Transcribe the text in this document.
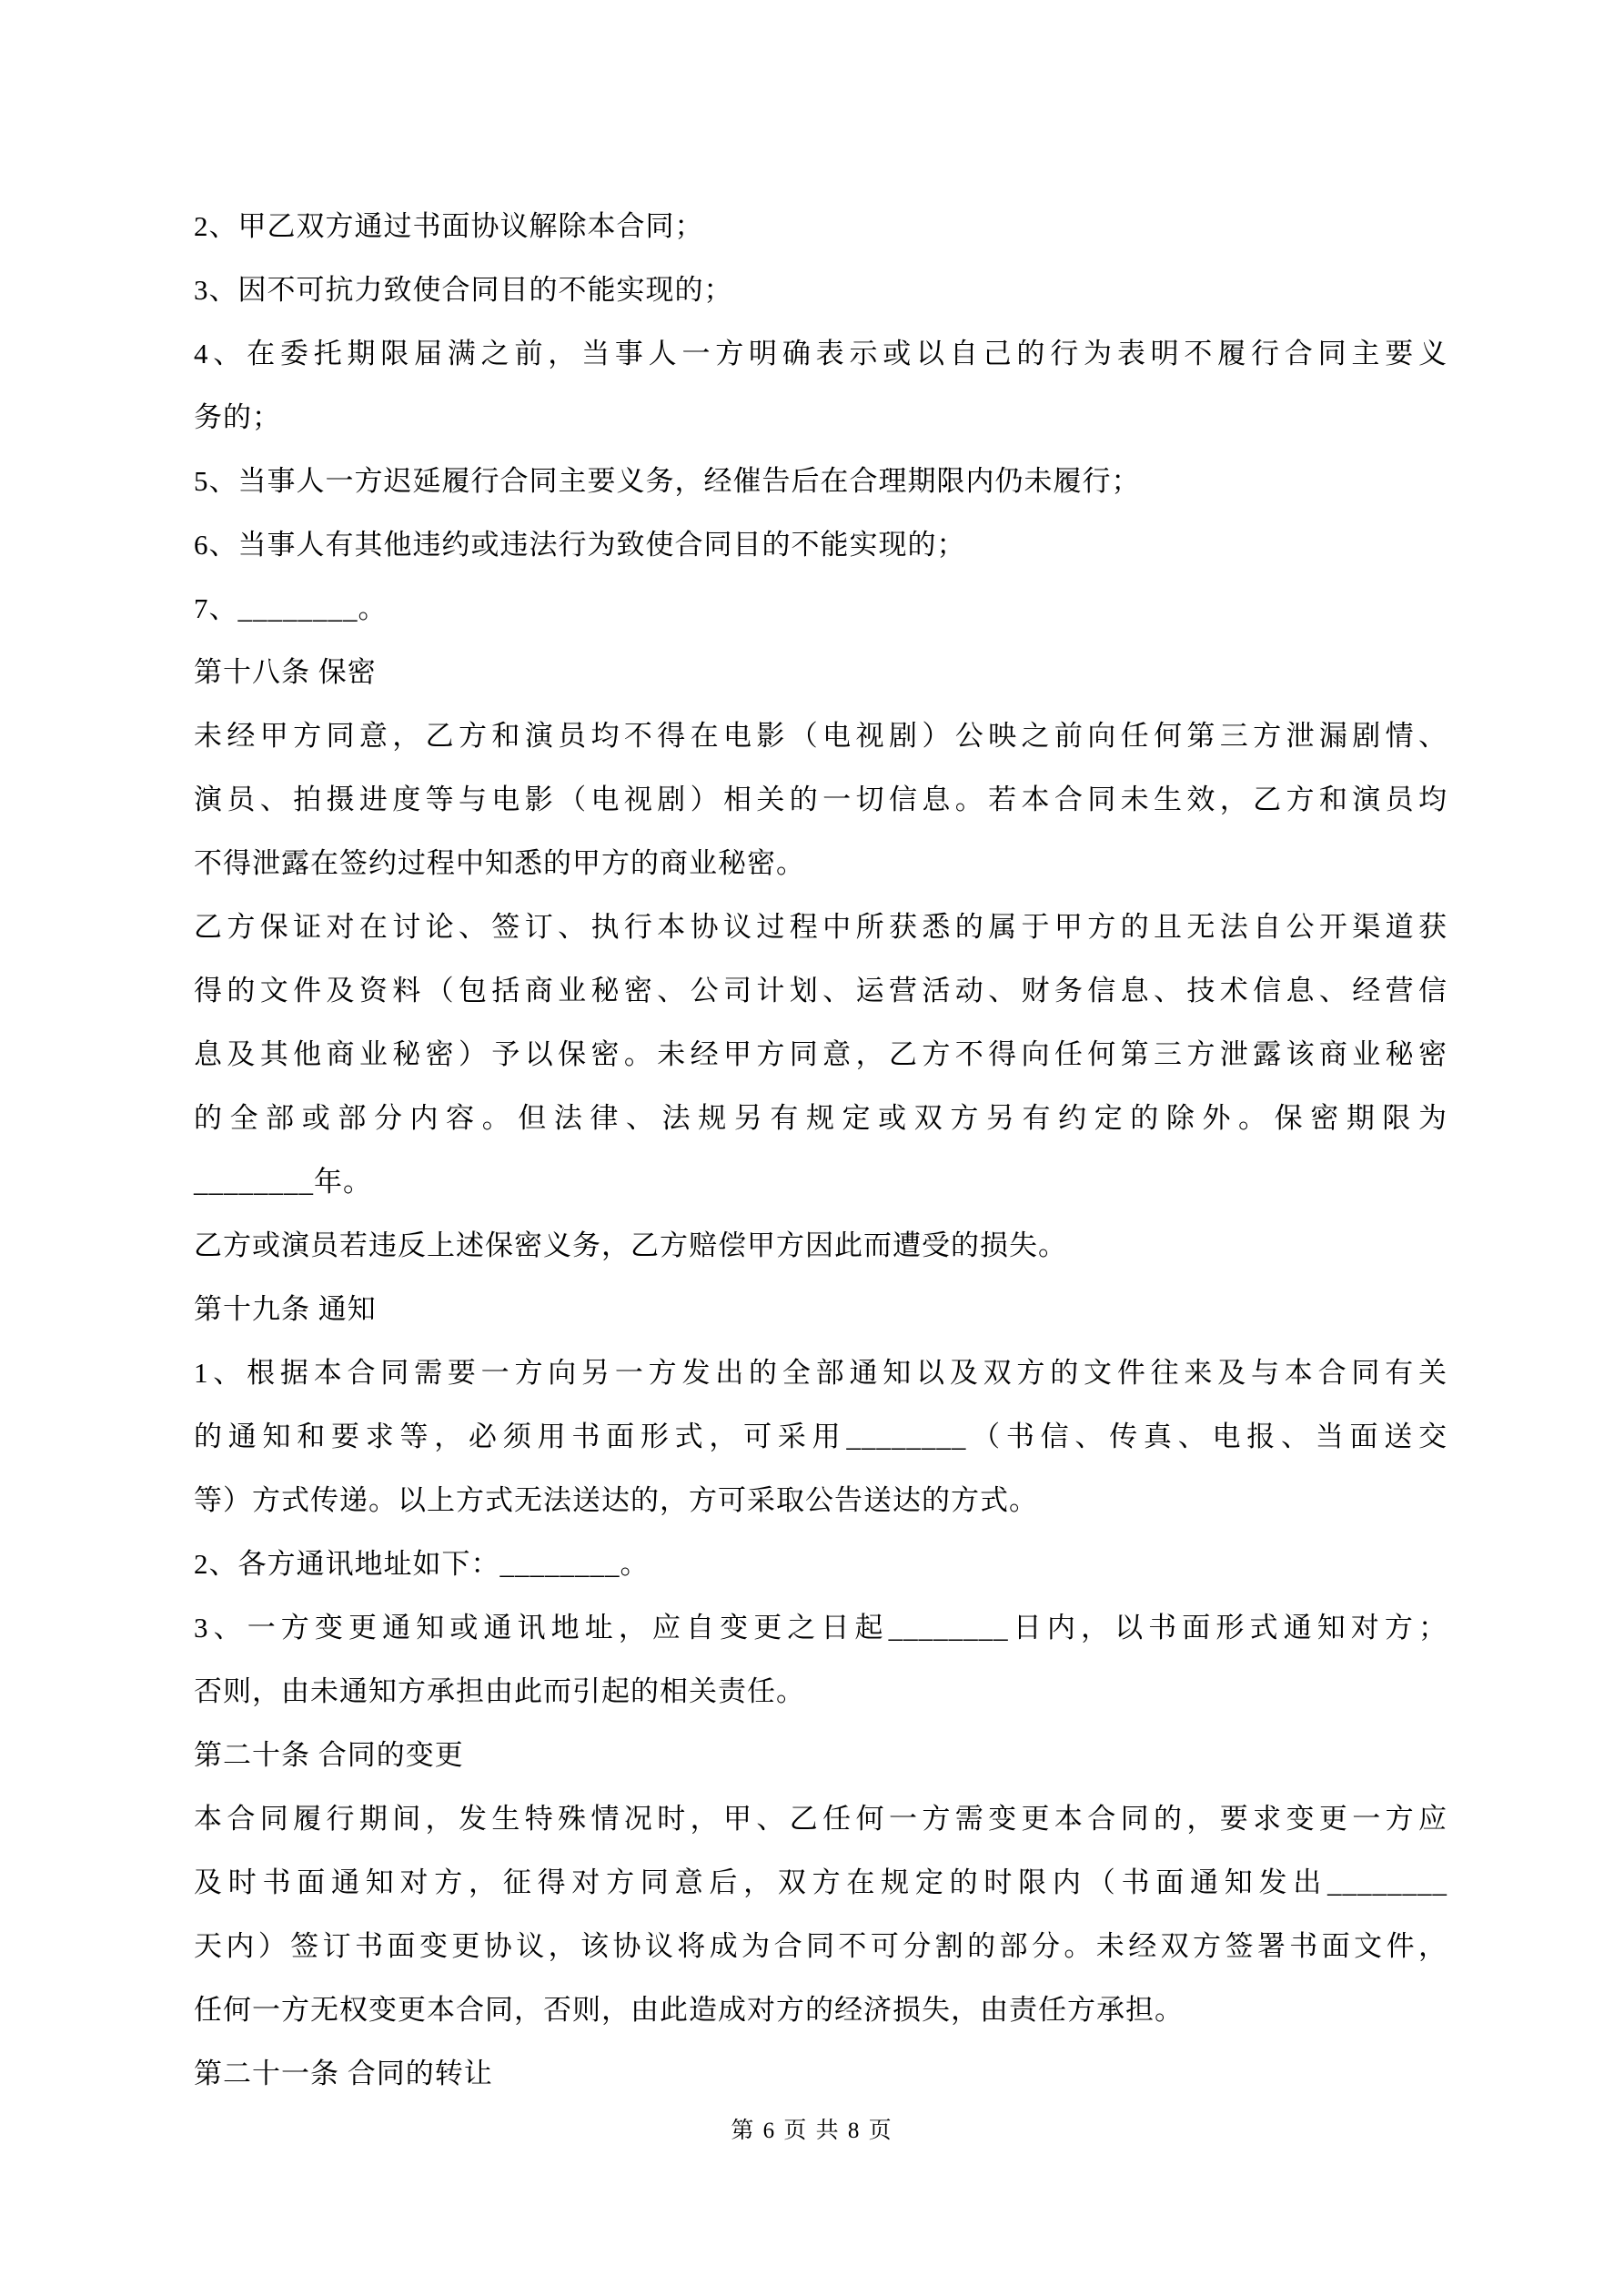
2、甲乙双方通过书面协议解除本合同；
3、因不可抗力致使合同目的不能实现的；
4、在委托期限届满之前，当事人一方明确表示或以自己的行为表明不履行合同主要义
务的；
5、当事人一方迟延履行合同主要义务，经催告后在合理期限内仍未履行；
6、当事人有其他违约或违法行为致使合同目的不能实现的；
7、________。
第十八条 保密
未经甲方同意，乙方和演员均不得在电影（电视剧）公映之前向任何第三方泄漏剧情、
演员、拍摄进度等与电影（电视剧）相关的一切信息。若本合同未生效，乙方和演员均
不得泄露在签约过程中知悉的甲方的商业秘密。
乙方保证对在讨论、签订、执行本协议过程中所获悉的属于甲方的且无法自公开渠道获
得的文件及资料（包括商业秘密、公司计划、运营活动、财务信息、技术信息、经营信
息及其他商业秘密）予以保密。未经甲方同意，乙方不得向任何第三方泄露该商业秘密
的全部或部分内容。但法律、法规另有规定或双方另有约定的除外。保密期限为
________年。
乙方或演员若违反上述保密义务，乙方赔偿甲方因此而遭受的损失。
第十九条 通知
1、根据本合同需要一方向另一方发出的全部通知以及双方的文件往来及与本合同有关
的通知和要求等，必须用书面形式，可采用________（书信、传真、电报、当面送交
等）方式传递。以上方式无法送达的，方可采取公告送达的方式。
2、各方通讯地址如下：________。
3、一方变更通知或通讯地址，应自变更之日起________日内，以书面形式通知对方；
否则，由未通知方承担由此而引起的相关责任。
第二十条 合同的变更
本合同履行期间，发生特殊情况时，甲、乙任何一方需变更本合同的，要求变更一方应
及时书面通知对方，征得对方同意后，双方在规定的时限内（书面通知发出________
天内）签订书面变更协议，该协议将成为合同不可分割的部分。未经双方签署书面文件，
任何一方无权变更本合同，否则，由此造成对方的经济损失，由责任方承担。
第二十一条 合同的转让
第 6 页 共 8 页
